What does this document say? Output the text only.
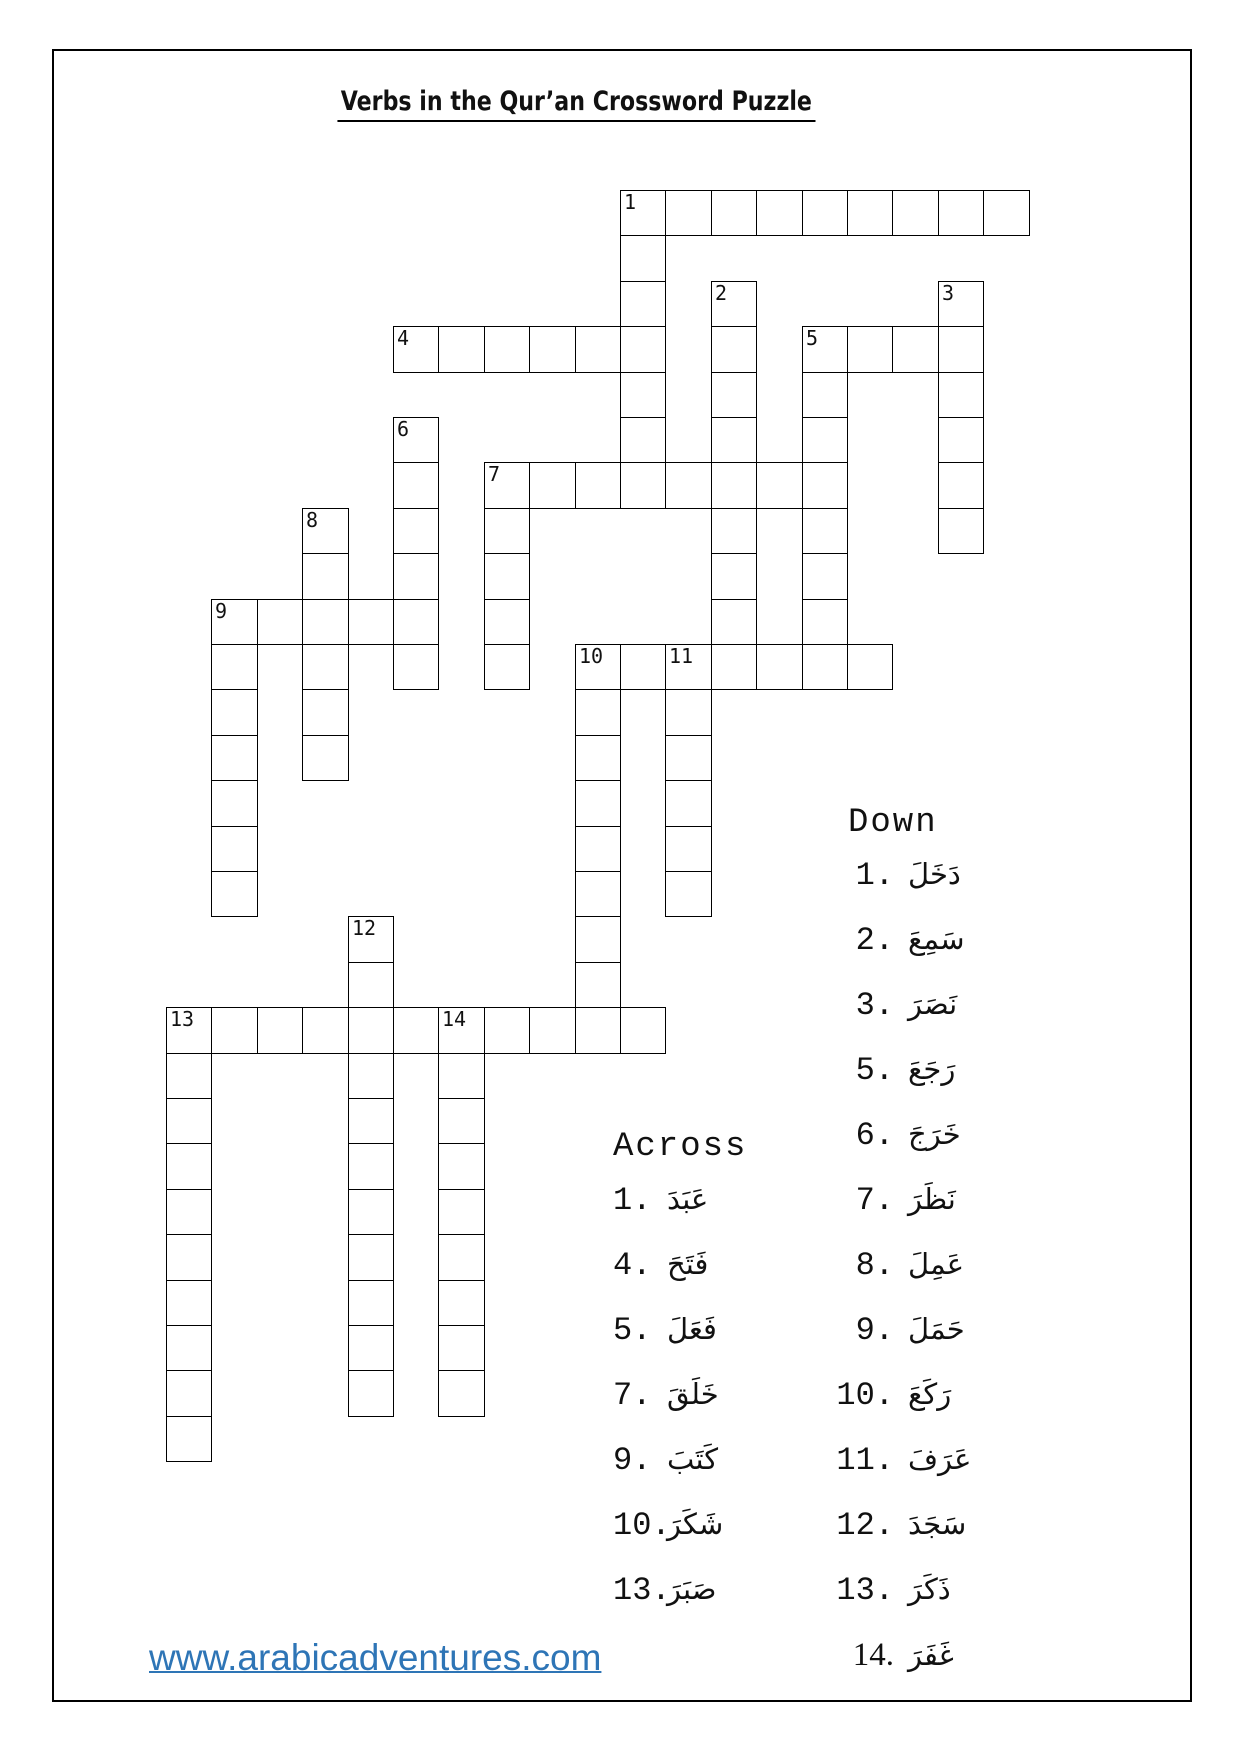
Verbs in the Qur’an Crossword Puzzle
1
2	3
4	5
6
7
8
9
10	11
12
13	14
Across
Down
1. عَبَدَ
4. فَتَحَ
5. فَعَلَ
7. خَلَقَ
9. كَتَبَ
10.شَكَرَ
13.صَبَرَ
1. دَخَلَ
2. سَمِعَ
3. نَصَرَ
5. رَجَعَ
6. خَرَجَ
7. نَظَرَ
8. عَمِلَ
9. حَمَلَ
10. رَكَعَ
11. عَرَفَ
12. سَجَدَ
13. ذَكَرَ
14. غَفَرَ
www.arabicadventures.com
